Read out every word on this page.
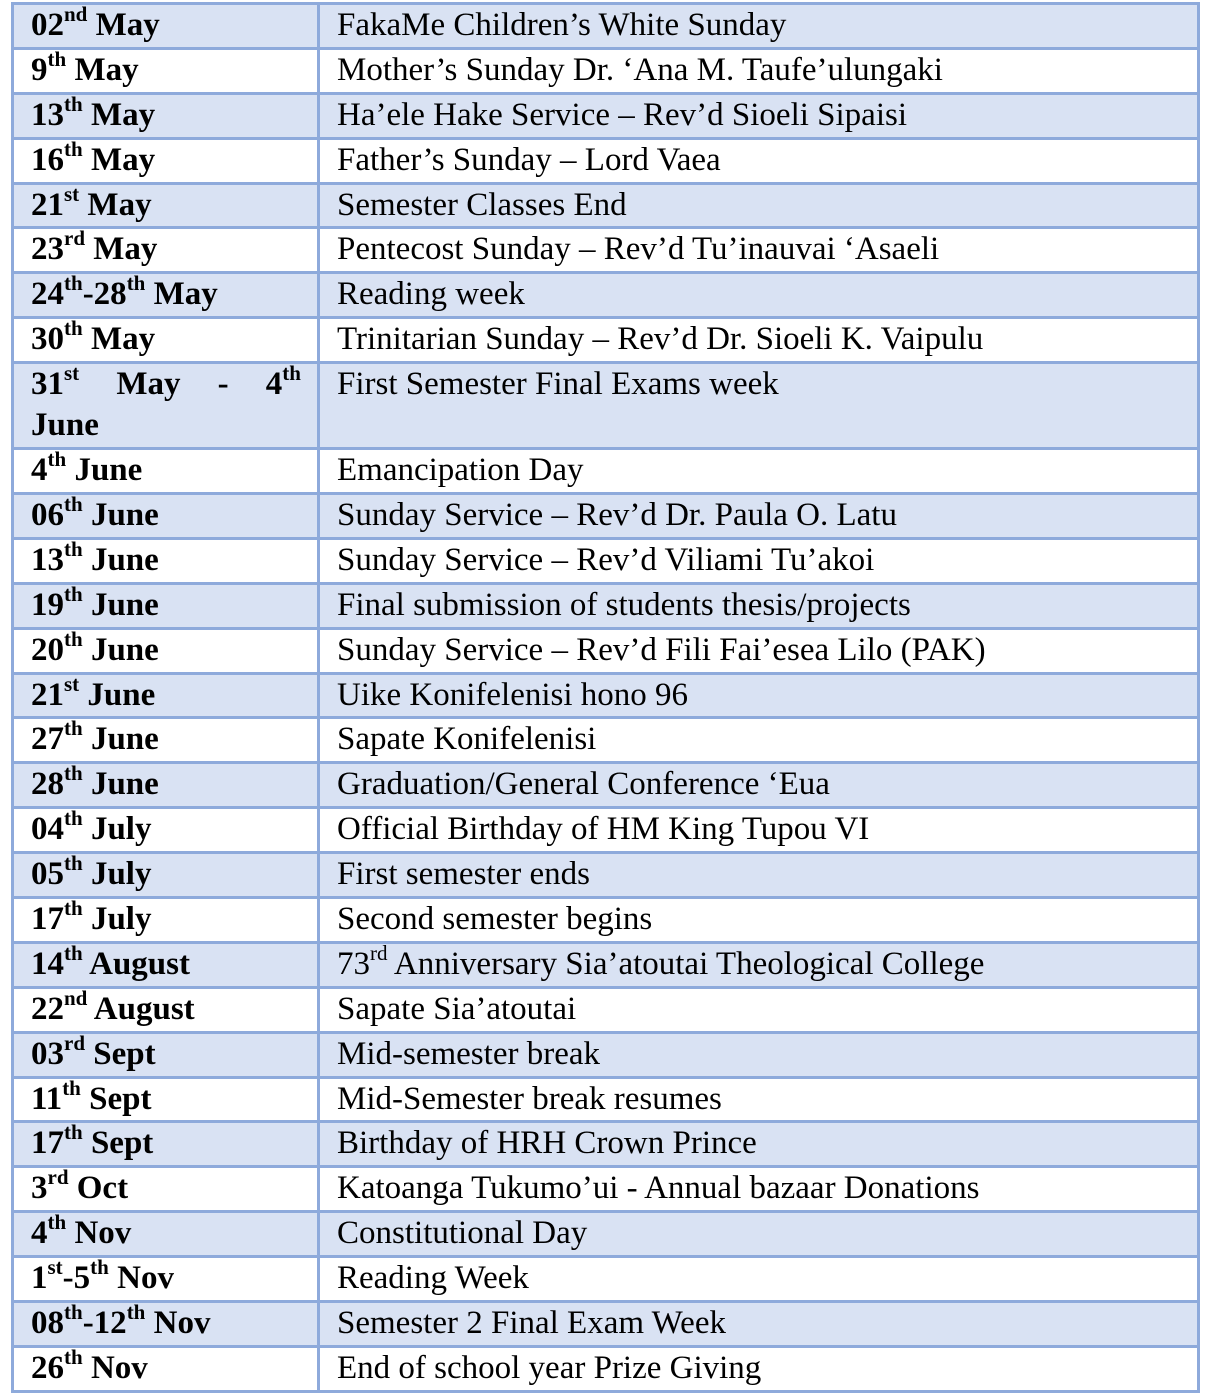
02nd May	FakaMe Children’s White Sunday
9th May	Mother’s Sunday Dr. ‘Ana M. Taufe’ulungaki
13th May	Ha’ele Hake Service – Rev’d Sioeli Sipaisi
16th May	Father’s Sunday – Lord Vaea
21st May	Semester Classes End
23rd May	Pentecost Sunday – Rev’d Tu’inauvai ‘Asaeli
24th-28th May	Reading week
30th May	Trinitarian Sunday – Rev’d Dr. Sioeli K. Vaipulu

31st May - 4th
June	First Semester Final Exams week
4th June	Emancipation Day
06th June	Sunday Service – Rev’d Dr. Paula O. Latu
13th June	Sunday Service – Rev’d Viliami Tu’akoi
19th June	Final submission of students thesis/projects
20th June	Sunday Service – Rev’d Fili Fai’esea Lilo (PAK)
21st June	Uike Konifelenisi hono 96
27th June	Sapate Konifelenisi
28th June	Graduation/General Conference ‘Eua
04th July	Official Birthday of HM King Tupou VI
05th July	First semester ends
17th July	Second semester begins
14th August	73rd Anniversary Sia’atoutai Theological College
22nd August	Sapate Sia’atoutai
03rd Sept	Mid-semester break
11th Sept	Mid-Semester break resumes
17th Sept	Birthday of HRH Crown Prince
3rd Oct	Katoanga Tukumo’ui - Annual bazaar Donations
4th Nov	Constitutional Day
1st-5th Nov	Reading Week
08th-12th Nov	Semester 2 Final Exam Week
26th Nov	End of school year Prize Giving
